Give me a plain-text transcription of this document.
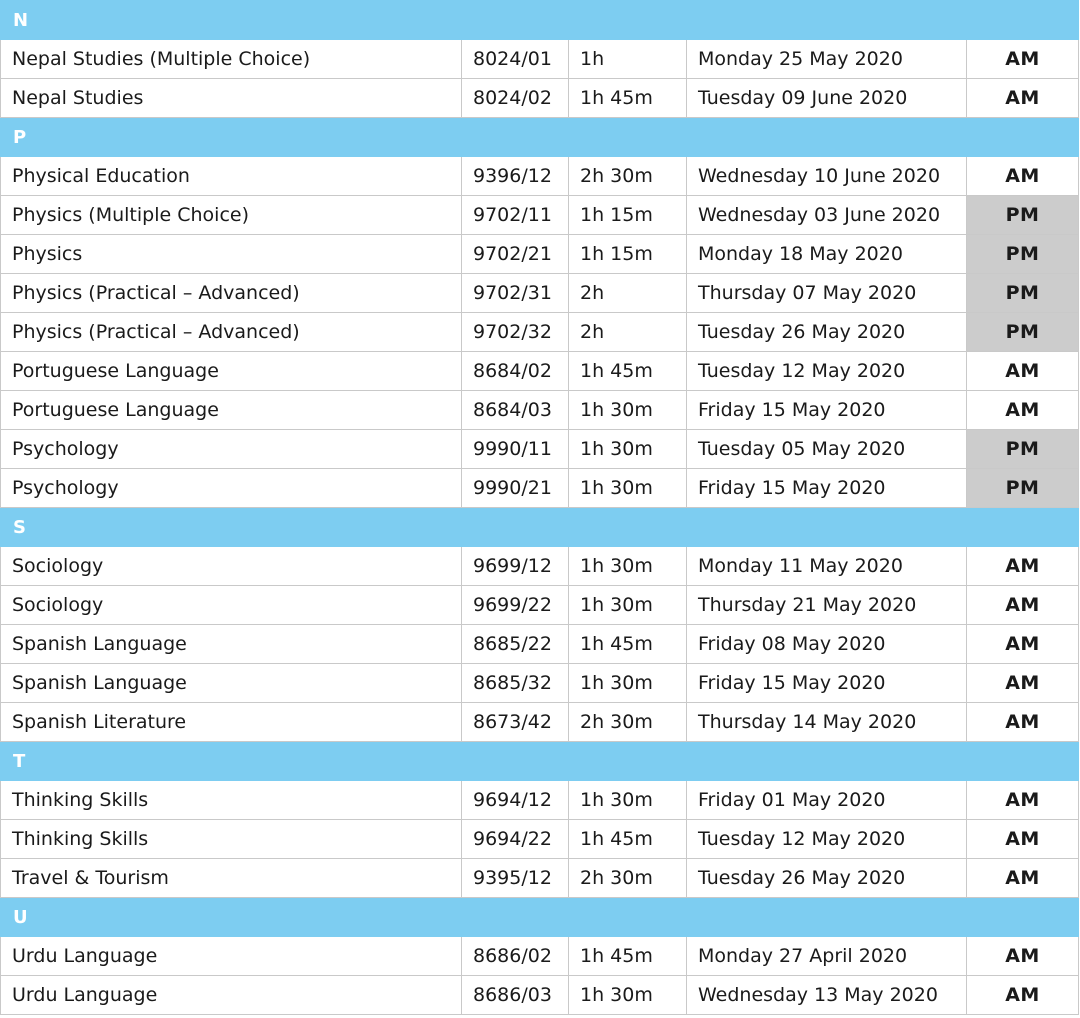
N				
Nepal Studies (Multiple Choice)	8024/01	1h	Monday 25 May 2020	AM
Nepal Studies	8024/02	1h 45m	Tuesday 09 June 2020	AM
P				
Physical Education	9396/12	2h 30m	Wednesday 10 June 2020	AM
Physics (Multiple Choice)	9702/11	1h 15m	Wednesday 03 June 2020	PM
Physics	9702/21	1h 15m	Monday 18 May 2020	PM
Physics (Practical – Advanced)	9702/31	2h	Thursday 07 May 2020	PM
Physics (Practical – Advanced)	9702/32	2h	Tuesday 26 May 2020	PM
Portuguese Language	8684/02	1h 45m	Tuesday 12 May 2020	AM
Portuguese Language	8684/03	1h 30m	Friday 15 May 2020	AM
Psychology	9990/11	1h 30m	Tuesday 05 May 2020	PM
Psychology	9990/21	1h 30m	Friday 15 May 2020	PM
S				
Sociology	9699/12	1h 30m	Monday 11 May 2020	AM
Sociology	9699/22	1h 30m	Thursday 21 May 2020	AM
Spanish Language	8685/22	1h 45m	Friday 08 May 2020	AM
Spanish Language	8685/32	1h 30m	Friday 15 May 2020	AM
Spanish Literature	8673/42	2h 30m	Thursday 14 May 2020	AM
T				
Thinking Skills	9694/12	1h 30m	Friday 01 May 2020	AM
Thinking Skills	9694/22	1h 45m	Tuesday 12 May 2020	AM
Travel & Tourism	9395/12	2h 30m	Tuesday 26 May 2020	AM
U				
Urdu Language	8686/02	1h 45m	Monday 27 April 2020	AM
Urdu Language	8686/03	1h 30m	Wednesday 13 May 2020	AM
